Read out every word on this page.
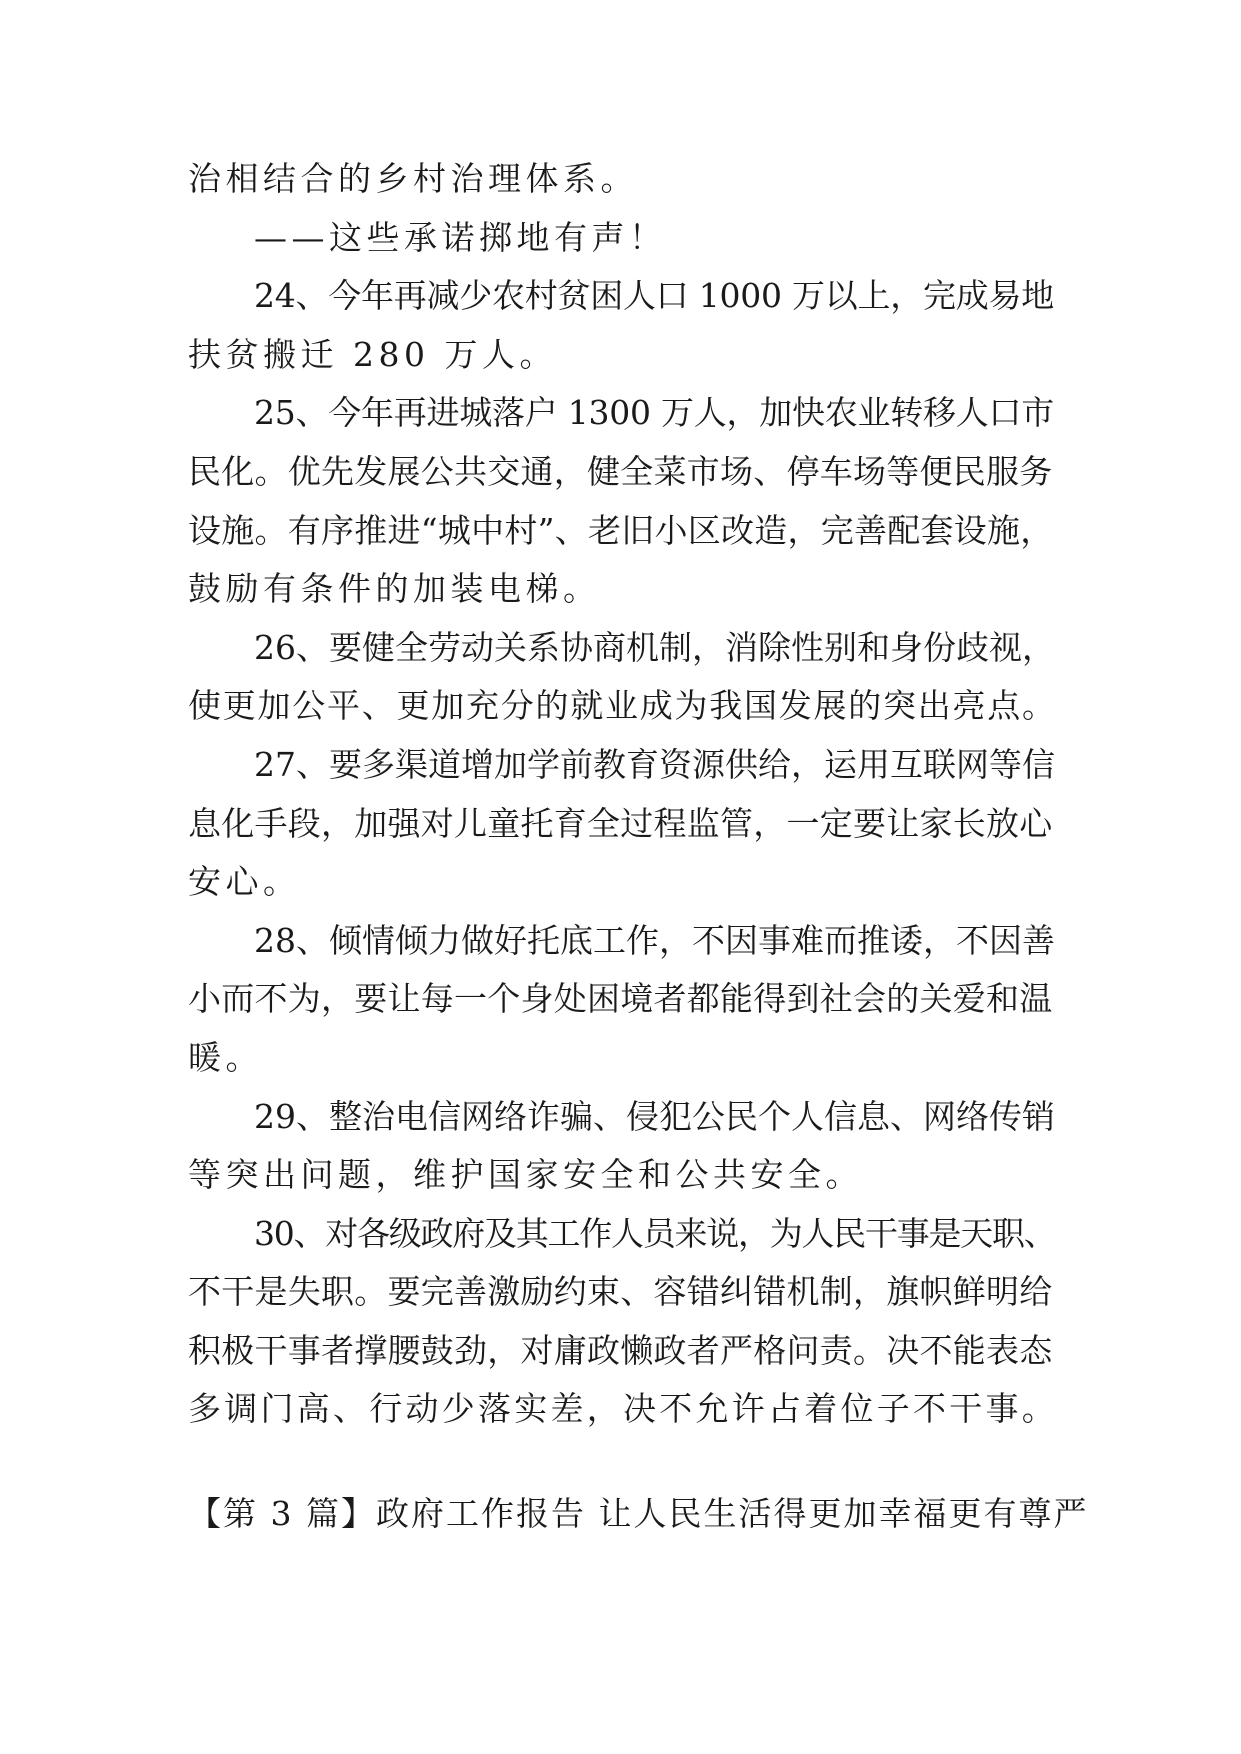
治相结合的乡村治理体系。
——这些承诺掷地有声！
24、今年再减少农村贫困人口 1000 万以上，完成易地
扶贫搬迁 280 万人。
25、今年再进城落户 1300 万人，加快农业转移人口市
民化。优先发展公共交通，健全菜市场、停车场等便民服务
设施。有序推进“城中村”、老旧小区改造，完善配套设施，
鼓励有条件的加装电梯。
26、要健全劳动关系协商机制，消除性别和身份歧视，
使更加公平、更加充分的就业成为我国发展的突出亮点。
27、要多渠道增加学前教育资源供给，运用互联网等信
息化手段，加强对儿童托育全过程监管，一定要让家长放心
安心。
28、倾情倾力做好托底工作，不因事难而推诿，不因善
小而不为，要让每一个身处困境者都能得到社会的关爱和温
暖。
29、整治电信网络诈骗、侵犯公民个人信息、网络传销
等突出问题，维护国家安全和公共安全。
30、对各级政府及其工作人员来说，为人民干事是天职、
不干是失职。要完善激励约束、容错纠错机制，旗帜鲜明给
积极干事者撑腰鼓劲，对庸政懒政者严格问责。决不能表态
多调门高、行动少落实差，决不允许占着位子不干事。
【第 3 篇】政府工作报告 让人民生活得更加幸福更有尊严
